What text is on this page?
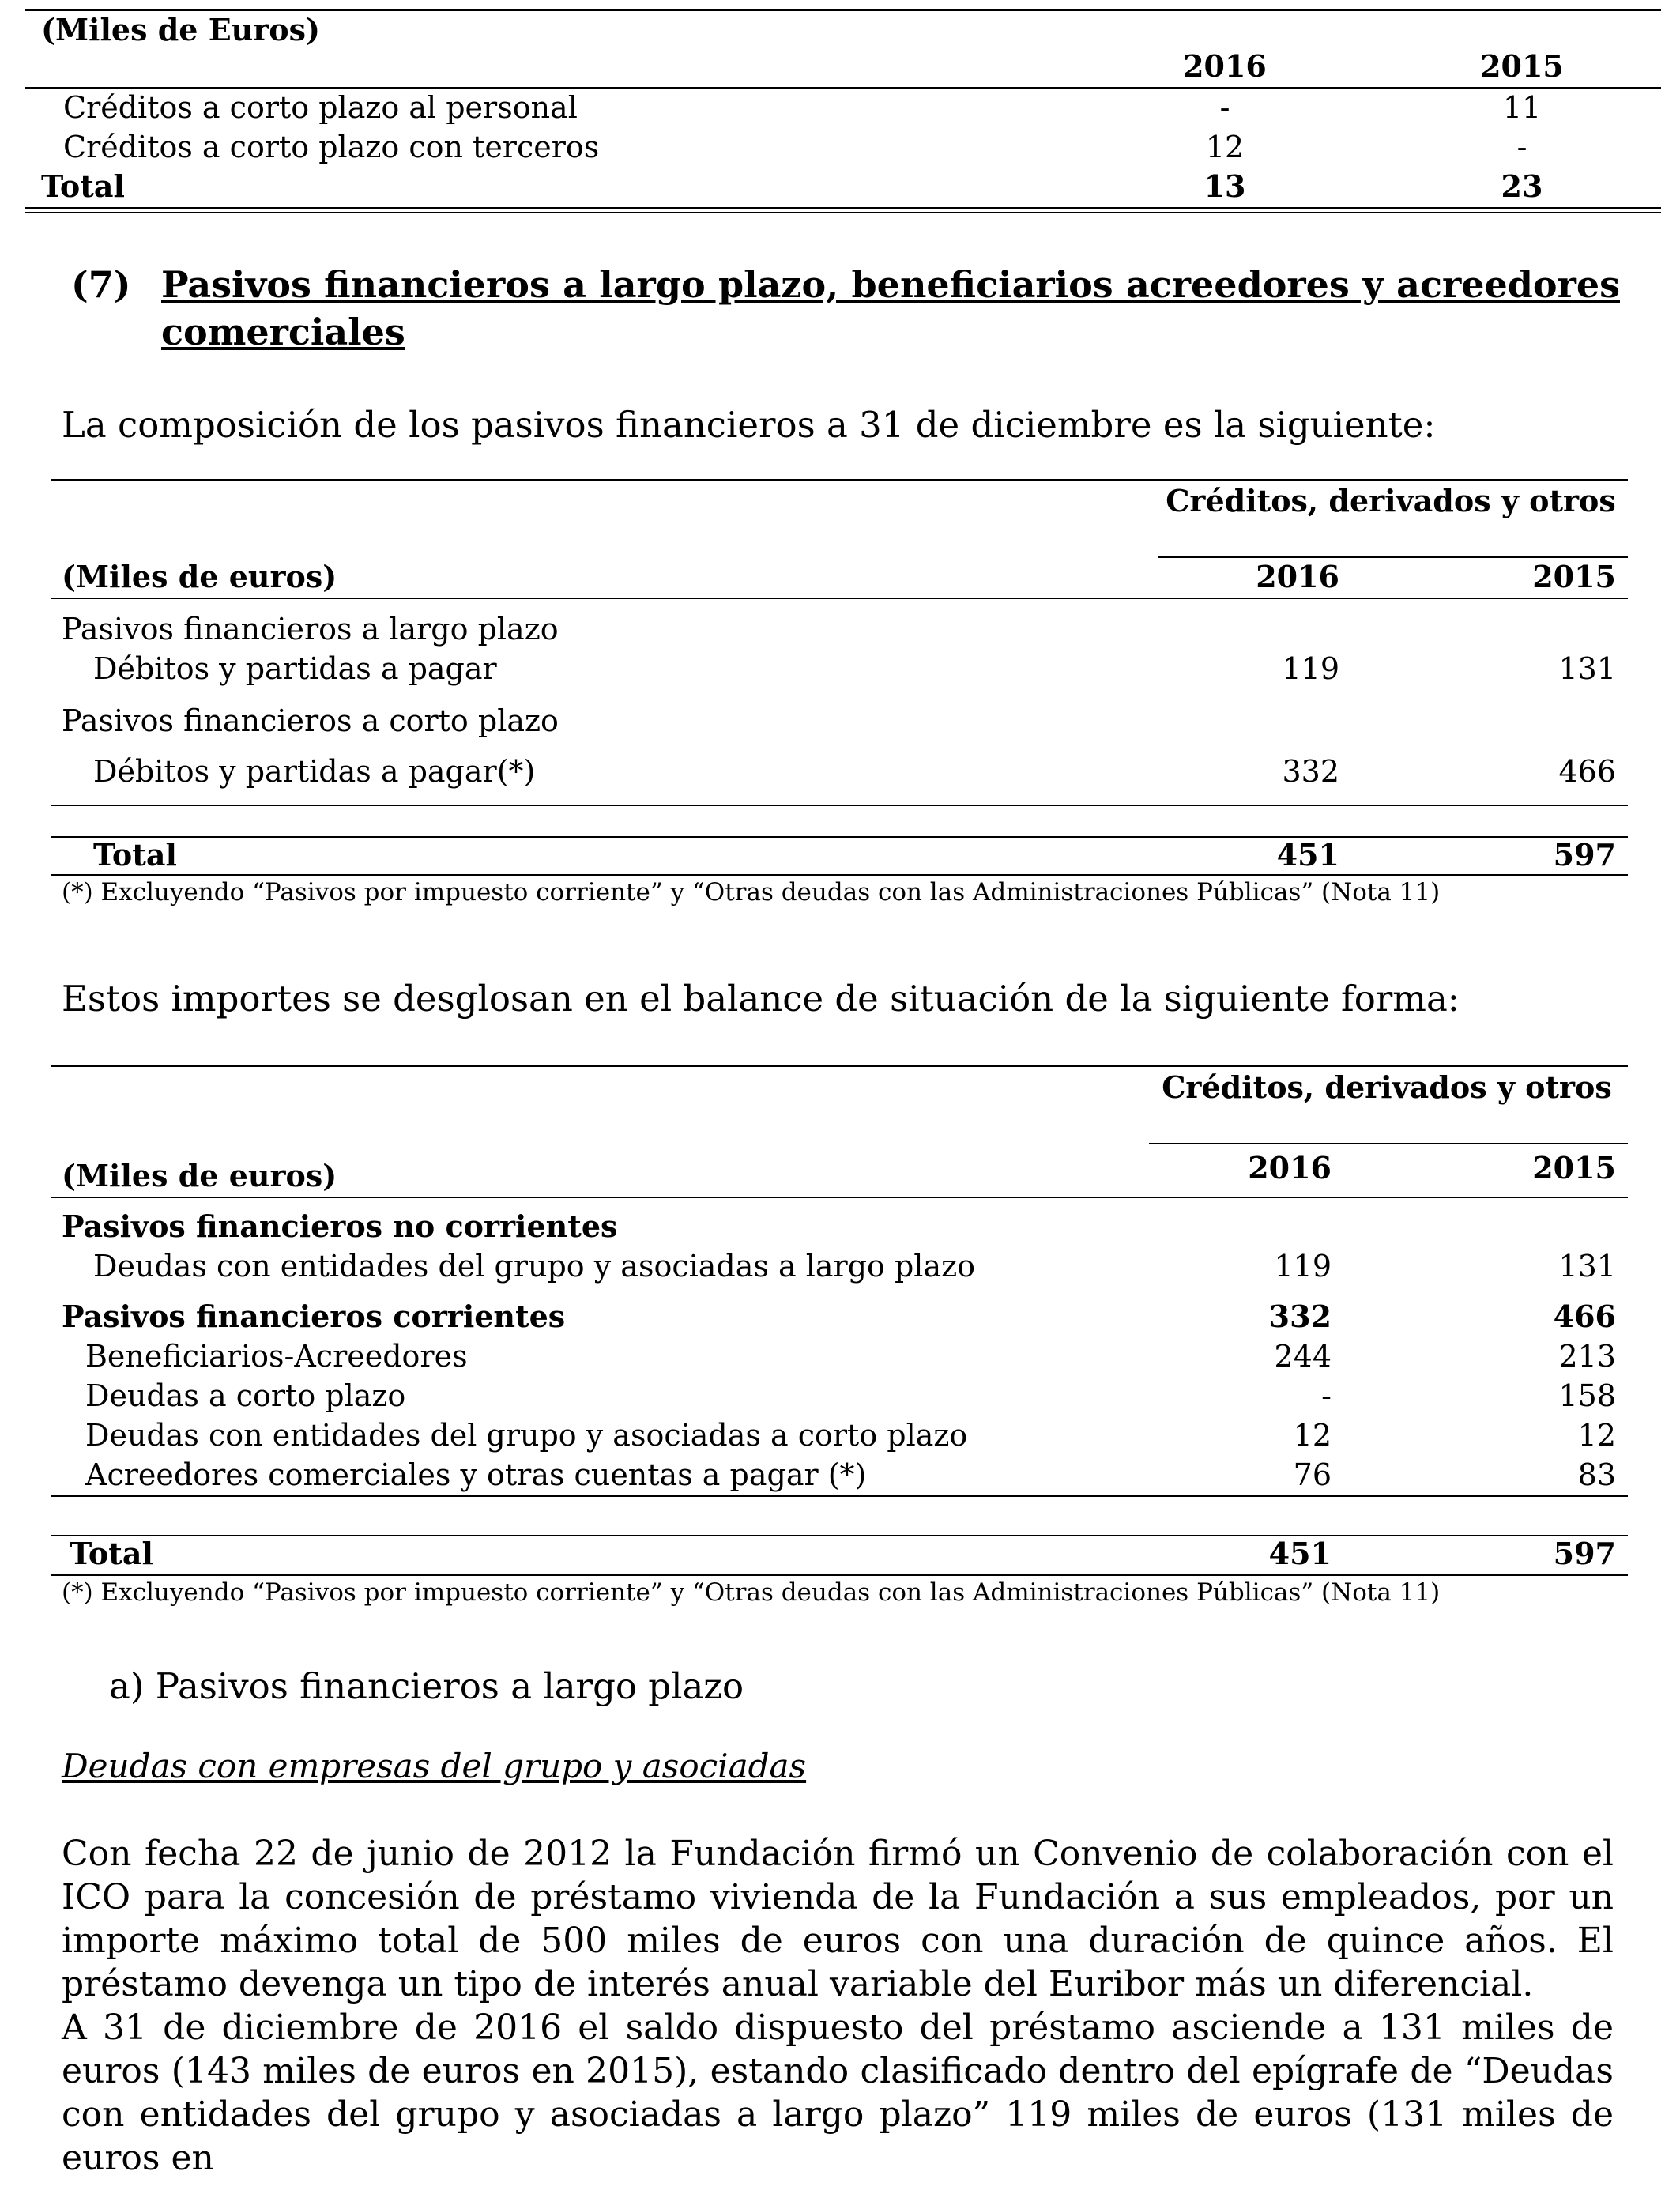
(Miles de Euros)
2016	2015
Créditos a corto plazo al personal	-	11
Créditos a corto plazo con terceros	12	-
Total	13	23
(7) Pasivos financieros a largo plazo, beneficiarios acreedores y acreedores comerciales
La composición de los pasivos financieros a 31 de diciembre es la siguiente:
Créditos, derivados y otros
(Miles de euros)	2016	2015
Pasivos financieros a largo plazo
Débitos y partidas a pagar	119	131
Pasivos financieros a corto plazo
Débitos y partidas a pagar(*)	332	466
Total	451	597
(*) Excluyendo “Pasivos por impuesto corriente” y “Otras deudas con las Administraciones Públicas” (Nota 11)
Estos importes se desglosan en el balance de situación de la siguiente forma:
Créditos, derivados y otros
2016	2015
(Miles de euros)
Pasivos financieros no corrientes
Deudas con entidades del grupo y asociadas a largo plazo	119	131
Pasivos financieros corrientes	332	466
Beneficiarios-Acreedores	244	213
Deudas a corto plazo	-	158
Deudas con entidades del grupo y asociadas a corto plazo	12	12
Acreedores comerciales y otras cuentas a pagar (*)	76	83
Total	451	597
(*) Excluyendo “Pasivos por impuesto corriente” y “Otras deudas con las Administraciones Públicas” (Nota 11)
a) Pasivos financieros a largo plazo
Deudas con empresas del grupo y asociadas

Con fecha 22 de junio de 2012 la Fundación firmó un Convenio de colaboración con el ICO para la concesión de préstamo vivienda de la Fundación a sus empleados, por un importe máximo total de 500 miles de euros con una duración de quince años. El préstamo devenga un tipo de interés anual variable del Euribor más un diferencial.

A 31 de diciembre de 2016 el saldo dispuesto del préstamo asciende a 131 miles de euros (143 miles de euros en 2015), estando clasificado dentro del epígrafe de “Deudas con entidades del grupo y asociadas a largo plazo” 119 miles de euros (131 miles de euros en
